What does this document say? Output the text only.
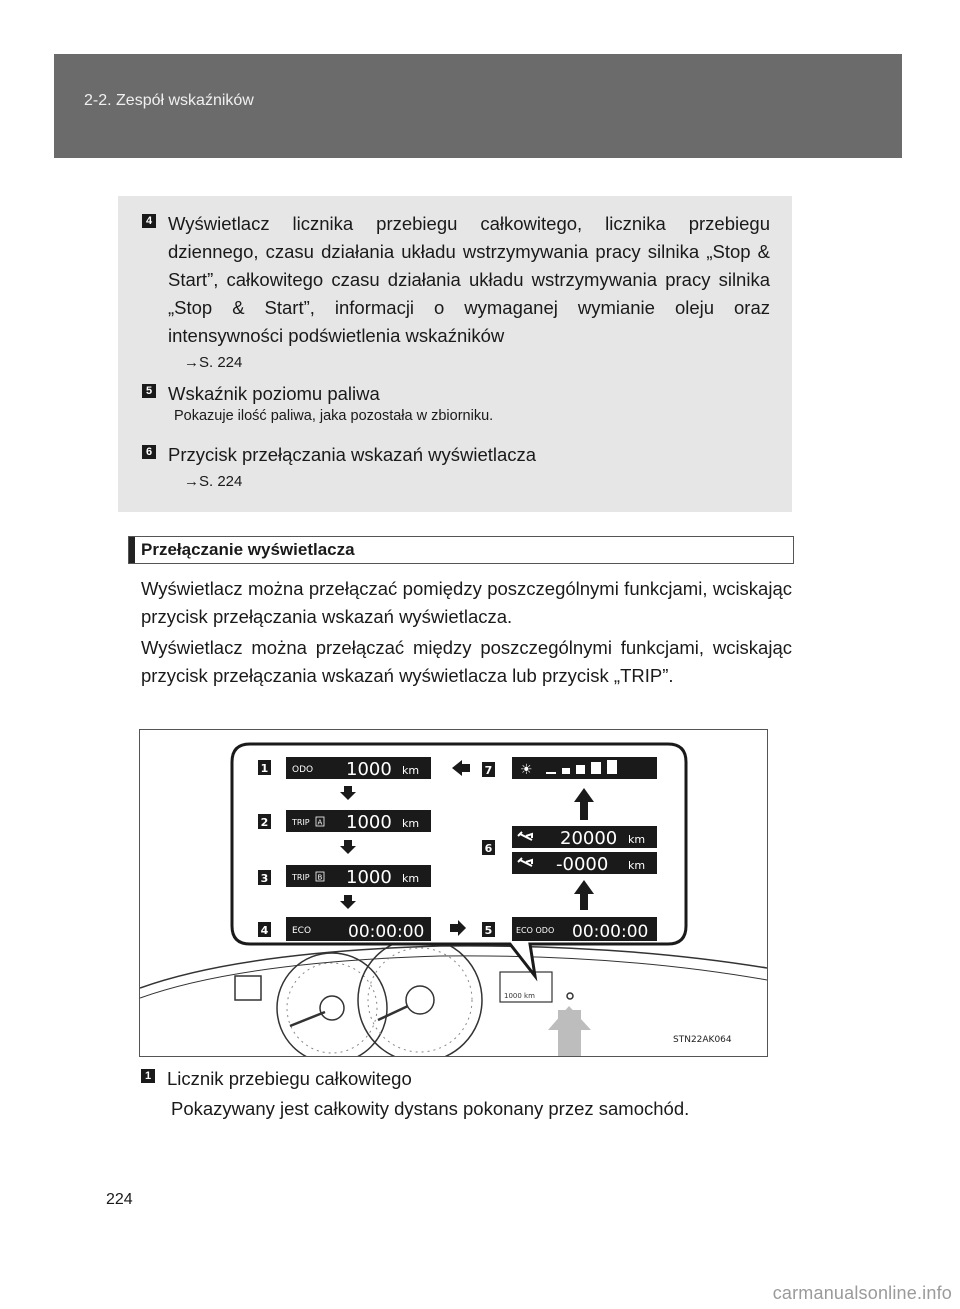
2-2. Zespół wskaźników
4 Wyświetlacz licznika przebiegu całkowitego, licznika przebiegu dziennego, czasu działania układu wstrzymywania pracy silnika „Stop & Start”, całkowitego czasu działania układu wstrzymywania pracy silnika „Stop & Start”, informacji o wymaganej wymianie oleju oraz intensywności podświetlenia wskaźników
→S. 224
5 Wskaźnik poziomu paliwa
Pokazuje ilość paliwa, jaka pozostała w zbiorniku.
6 Przycisk przełączania wskazań wyświetlacza
→S. 224
Przełączanie wyświetlacza
Wyświetlacz można przełączać pomiędzy poszczególnymi funkcjami, wciskając przycisk przełączania wskazań wyświetlacza.
Wyświetlacz można przełączać między poszczególnymi funkcjami, wciskając przycisk przełączania wskazań wyświetlacza lub przycisk „TRIP”.
1000 km
STN22AK064
1	ODO 1000 km
2	TRIP A 1000 km
3	TRIP B 1000 km
4	ECO 00:00:00	5	ECO ODO 00:00:00
6	20000 km
-0000 km
7 ☀
1 Licznik przebiegu całkowitego
Pokazywany jest całkowity dystans pokonany przez samochód.
224
carmanualsonline.info
